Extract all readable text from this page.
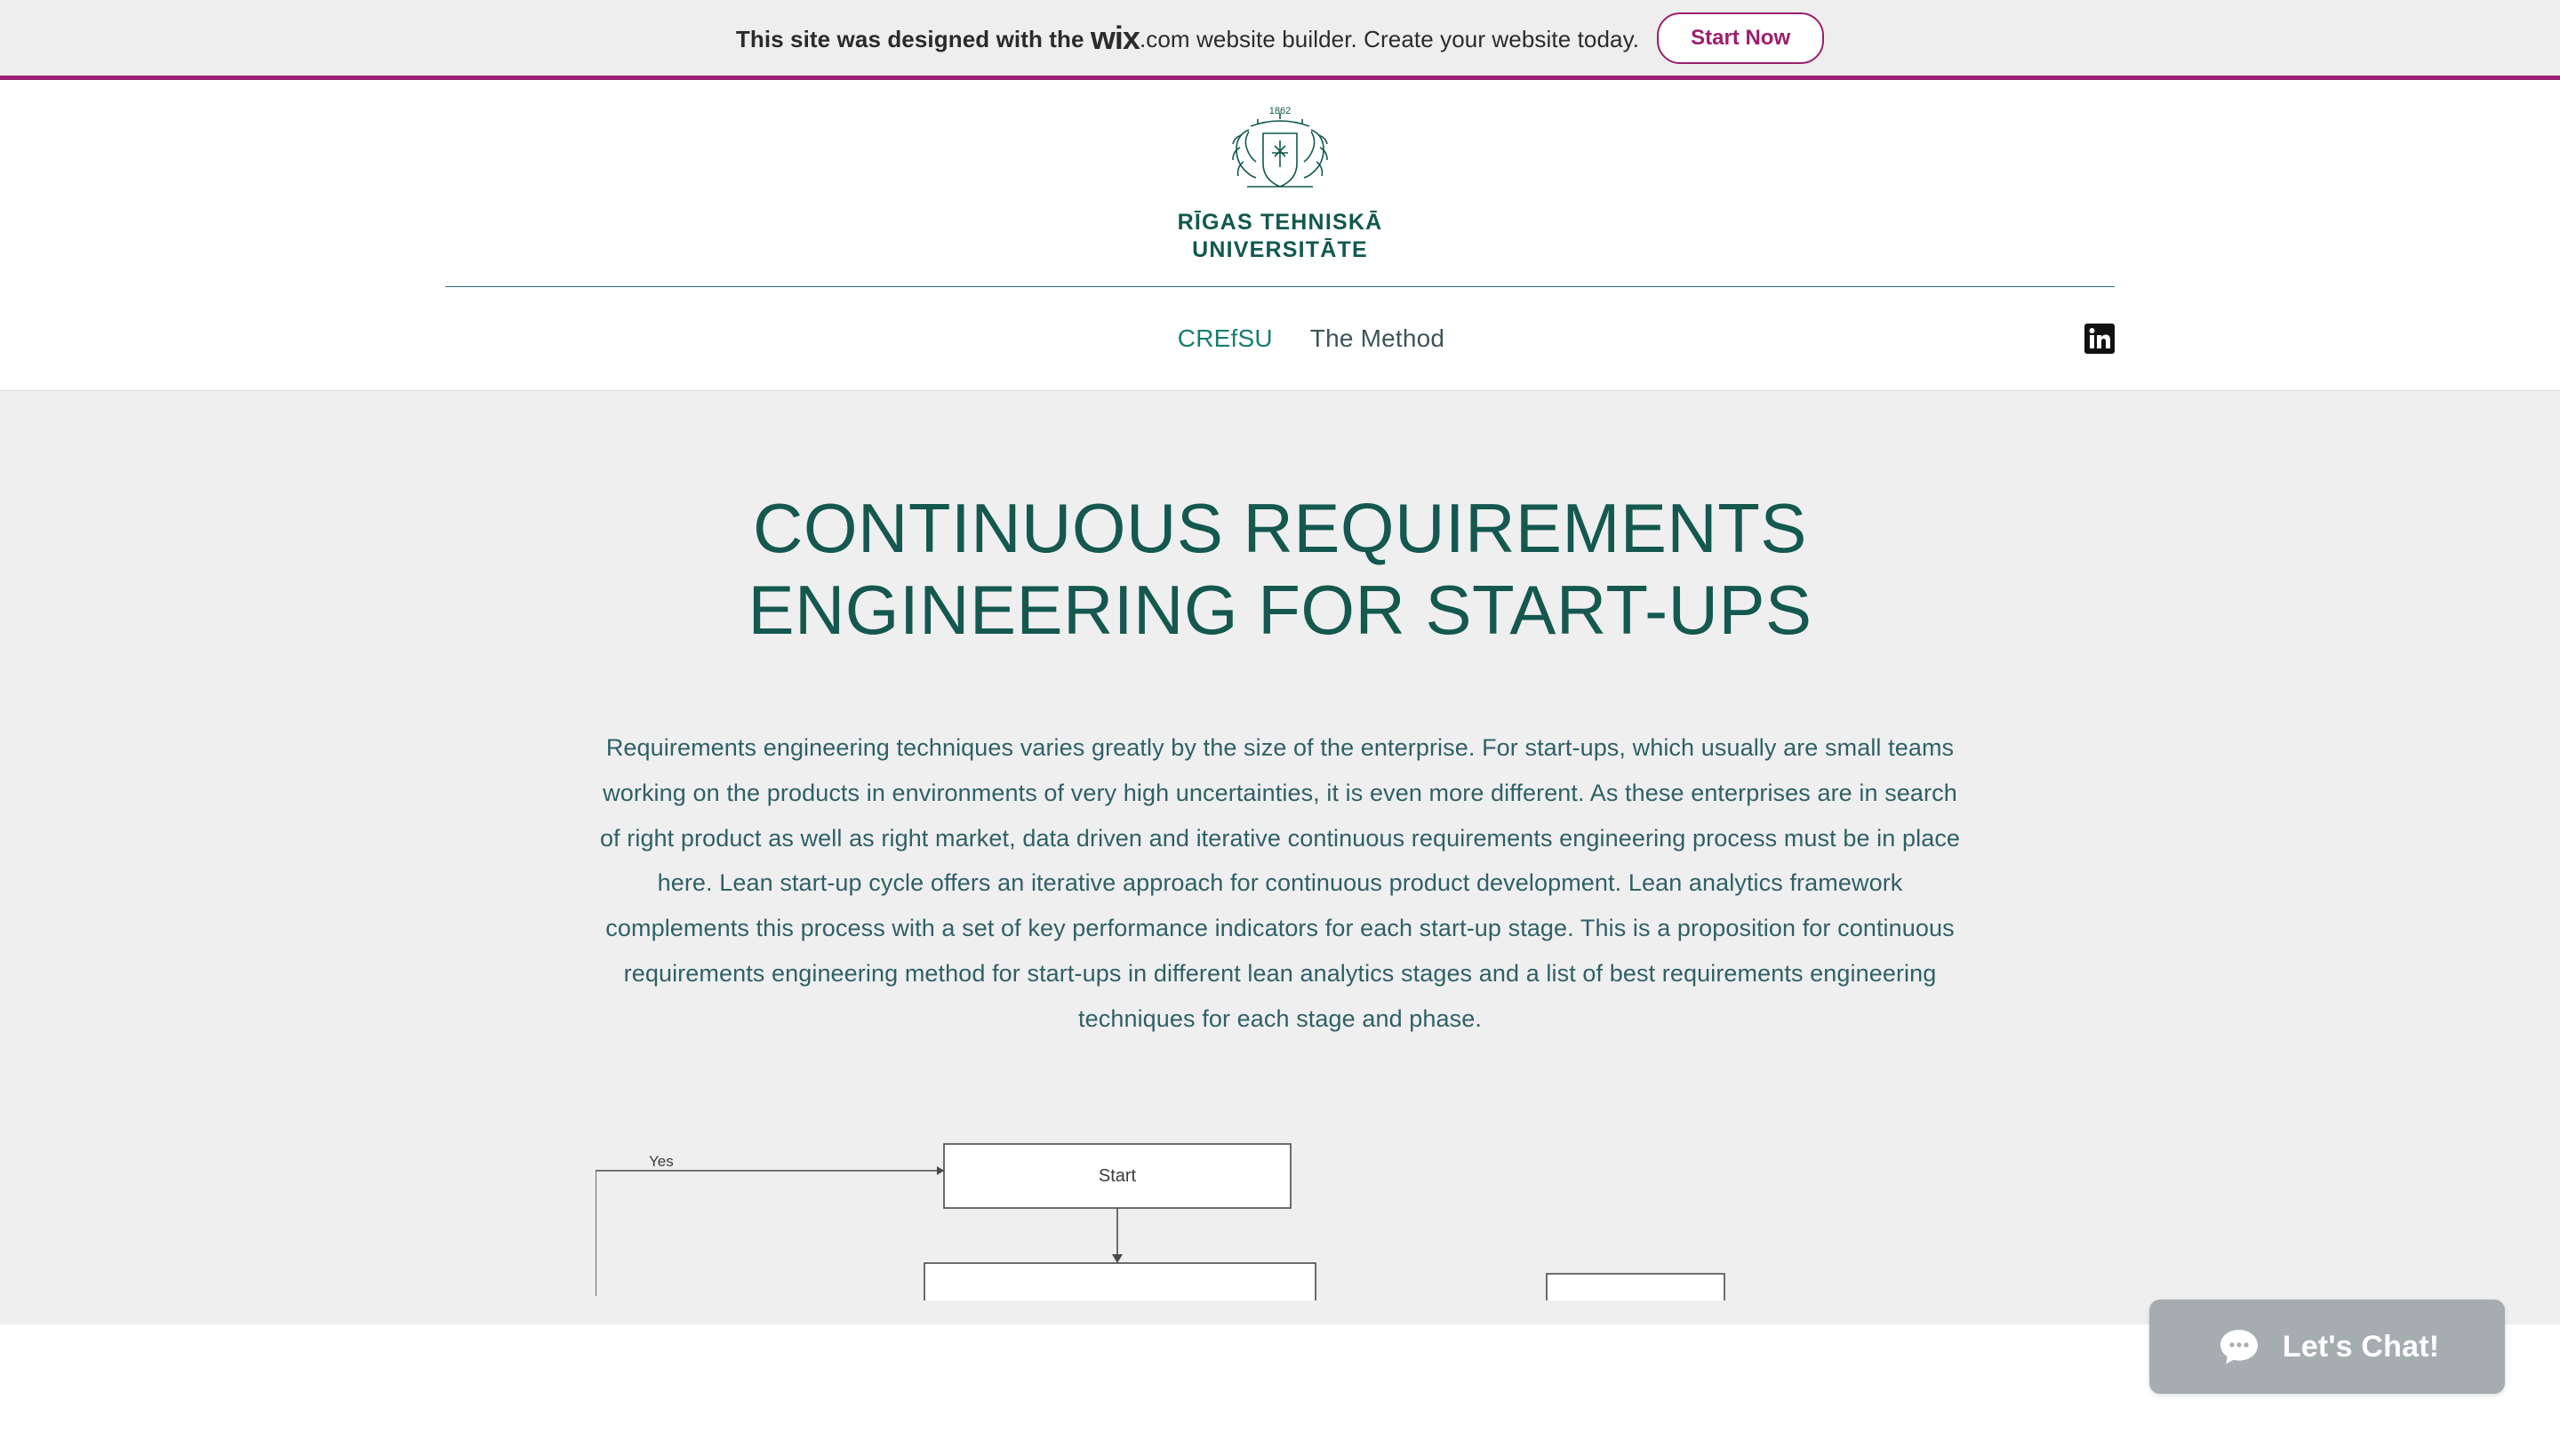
This site was designed with the wix.com website builder. Create your website today.	Start Now
1862
RĪGAS TEHNISKĀ
UNIVERSITĀTE
CREfSU The Method
CONTINUOUS REQUIREMENTS ENGINEERING FOR START-UPS

Requirements engineering techniques varies greatly by the size of the enterprise. For start-ups, which usually are small teams working on the products in environments of very high uncertainties, it is even more different. As these enterprises are in search of right product as well as right market, data driven and iterative continuous requirements engineering process must be in place here. Lean start-up cycle offers an iterative approach for continuous product development. Lean analytics framework complements this process with a set of key performance indicators for each start-up stage. This is a proposition for continuous requirements engineering method for start-ups in different lean analytics stages and a list of best requirements engineering techniques for each stage and phase.

Yes
Start
Let's Chat!
